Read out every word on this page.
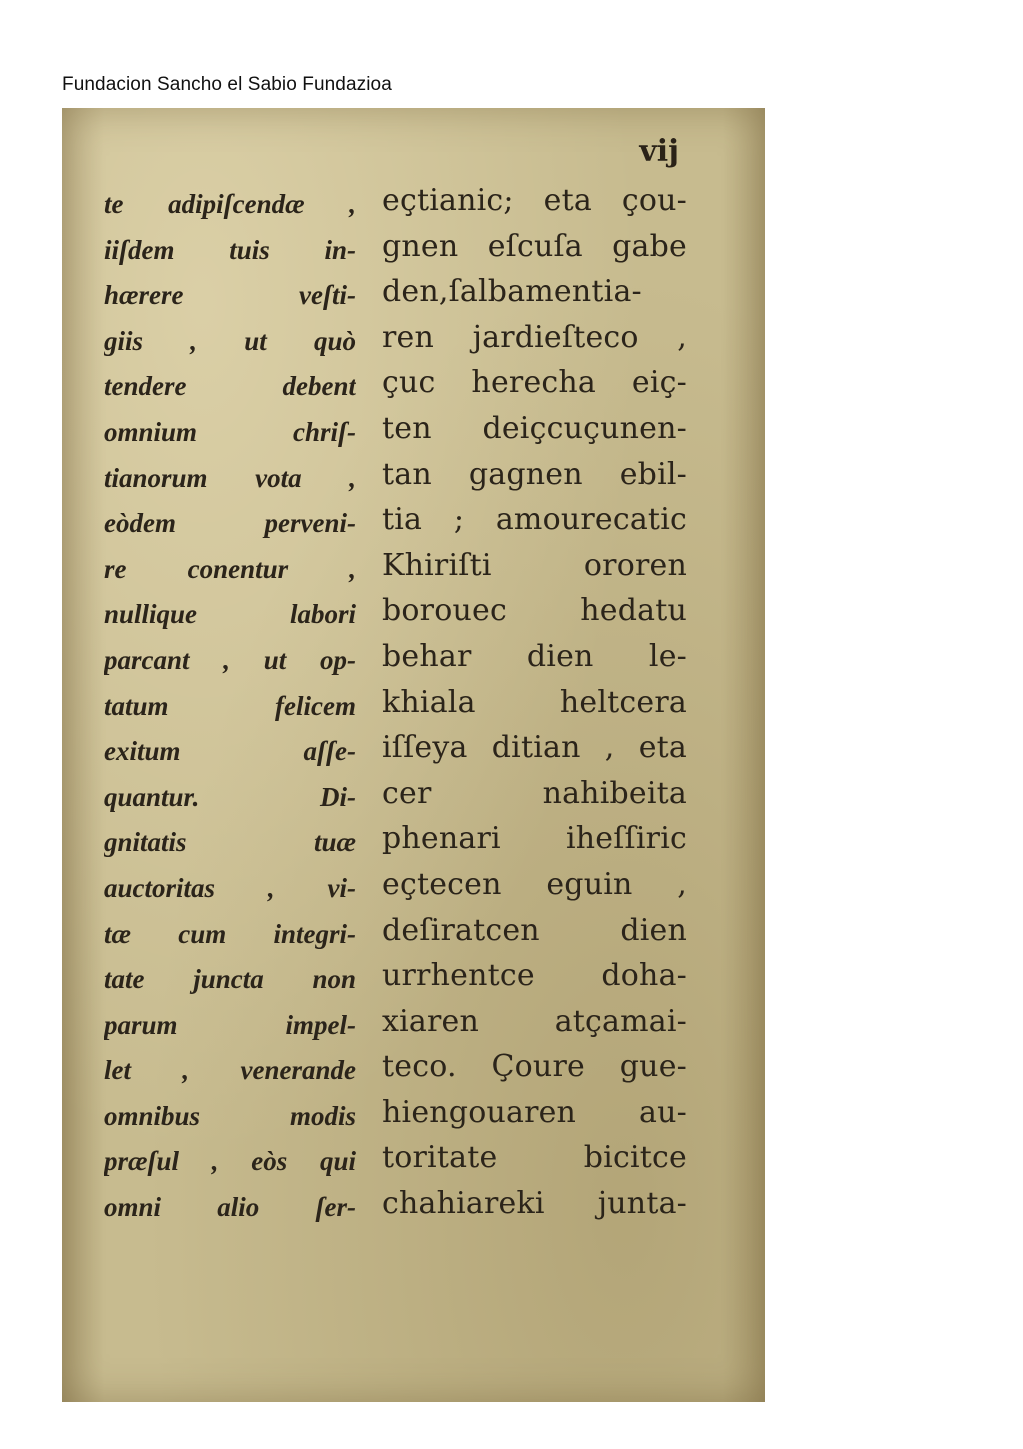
Fundacion Sancho el Sabio Fundazioa
vij
te adipiſcendæ ,
iiſdem tuis in-
hærere veſti-
giis , ut quò
tendere debent
omnium chriſ-
tianorum vota ,
eòdem perveni-
re conentur ,
nullique labori
parcant , ut op-
tatum felicem
exitum aſſe-
quantur. Di-
gnitatis tuæ
auctoritas , vi-
tæ cum integri-
tate juncta non
parum impel-
let , venerande
omnibus modis
præſul , eòs qui
omni alio ſer-
eçtianic; eta çou-
gnen eſcuſa gabe
den,ſalbamentia-
ren jardieſteco ,
çuc herecha eiç-
ten deiçcuçunen-
tan gagnen ebil-
tia ; amourecatic
Khiriſti ororen
borouec hedatu
behar dien le-
khiala heltcera
iſſeya ditian , eta
cer nahibeita
phenari iheſſiric
eçtecen eguin ,
deſiratcen dien
urrhentce doha-
xiaren atçamai-
teco. Çoure gue-
hiengouaren au-
toritate bicitce
chahiareki junta-
